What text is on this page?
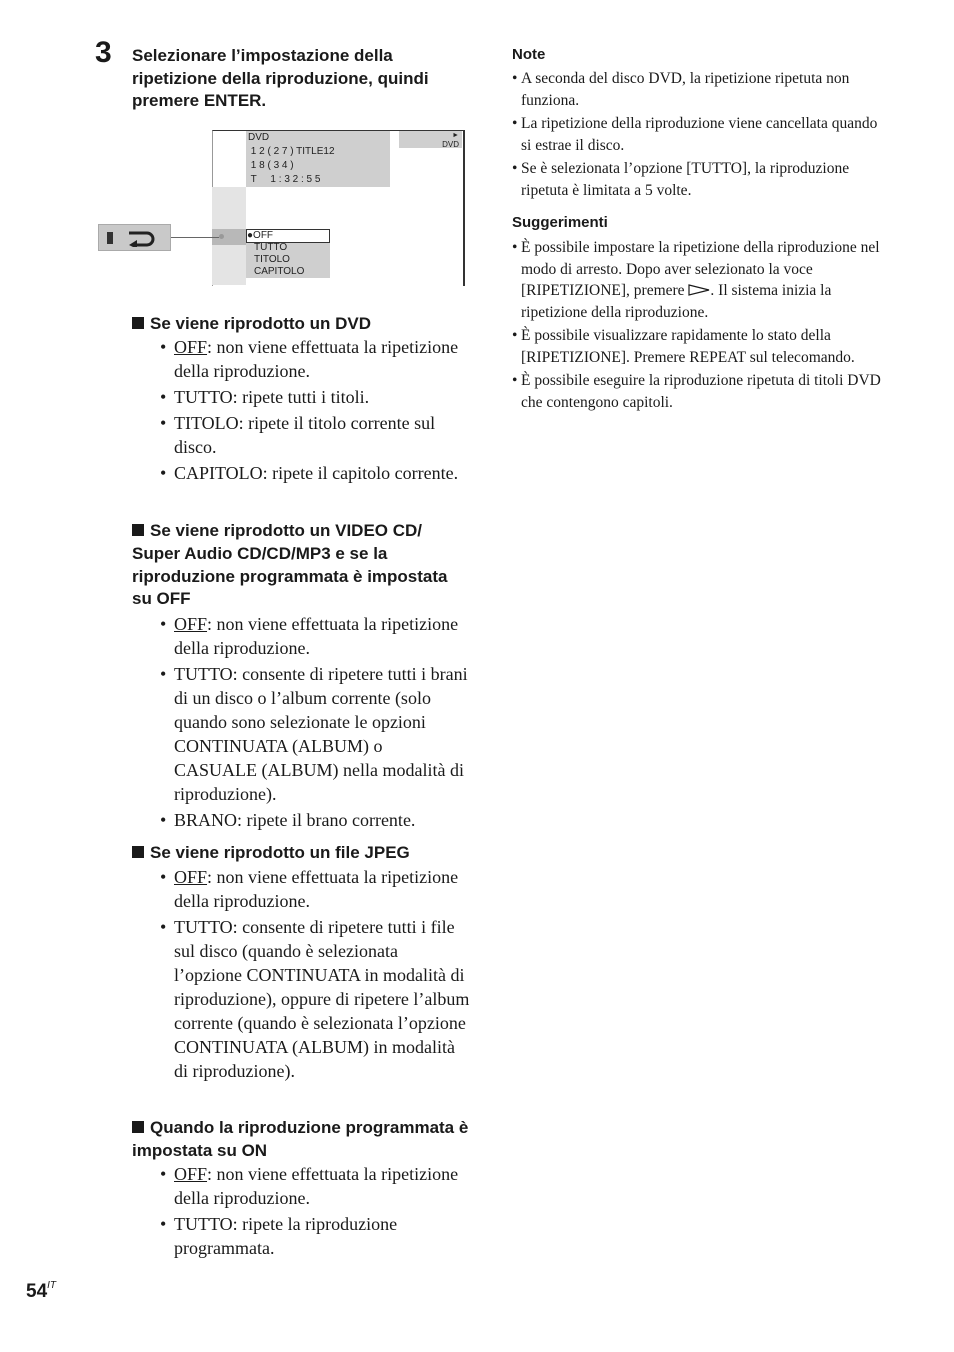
3 Selezionare l’impostazione della ripetizione della riproduzione, quindi premere ENTER.
DVD
1 2 ( 2 7 ) TITLE12
1 8 ( 3 4 )
T     1 : 3 2 : 5 5
►
DVD
●OFF
TUTTO
TITOLO
CAPITOLO
Se viene riprodotto un DVD
• OFF: non viene effettuata la ripetizione della riproduzione.
• TUTTO: ripete tutti i titoli.
• TITOLO: ripete il titolo corrente sul disco.
• CAPITOLO: ripete il capitolo corrente.
Se viene riprodotto un VIDEO CD/ Super Audio CD/CD/MP3 e se la riproduzione programmata è impostata su OFF
• OFF: non viene effettuata la ripetizione della riproduzione.
• TUTTO: consente di ripetere tutti i brani di un disco o l’album corrente (solo quando sono selezionate le opzioni CONTINUATA (ALBUM) o CASUALE (ALBUM) nella modalità di riproduzione).
• BRANO: ripete il brano corrente.
Se viene riprodotto un file JPEG
• OFF: non viene effettuata la ripetizione della riproduzione.
• TUTTO: consente di ripetere tutti i file sul disco (quando è selezionata l’opzione CONTINUATA in modalità di riproduzione), oppure di ripetere l’album corrente (quando è selezionata l’opzione CONTINUATA (ALBUM) in modalità di riproduzione).
Quando la riproduzione programmata è impostata su ON
• OFF: non viene effettuata la ripetizione della riproduzione.
• TUTTO: ripete la riproduzione programmata.
Note
• A seconda del disco DVD, la ripetizione ripetuta non funziona.
• La ripetizione della riproduzione viene cancellata quando si estrae il disco.
• Se è selezionata l’opzione [TUTTO], la riproduzione ripetuta è limitata a 5 volte.
Suggerimenti
• È possibile impostare la ripetizione della riproduzione nel modo di arresto. Dopo aver selezionato la voce [RIPETIZIONE], premere . Il sistema inizia la ripetizione della riproduzione.
• È possibile visualizzare rapidamente lo stato della [RIPETIZIONE]. Premere REPEAT sul telecomando.
• È possibile eseguire la riproduzione ripetuta di titoli DVD che contengono capitoli.
$54^{IT}$
